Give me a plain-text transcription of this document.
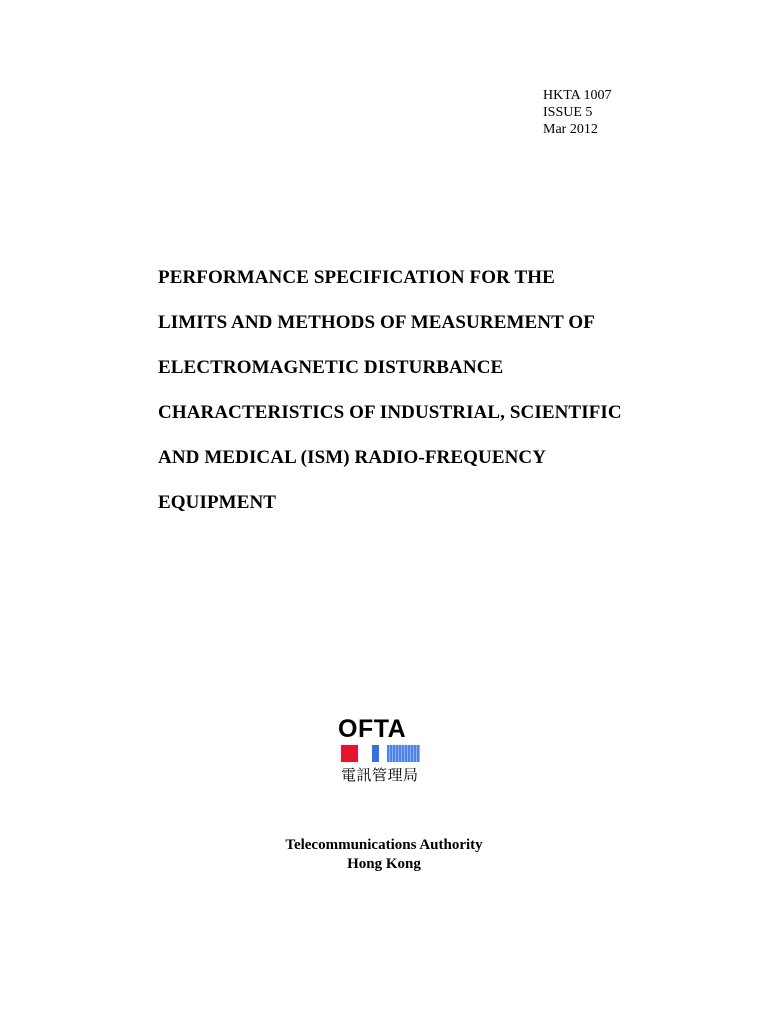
HKTA 1007
ISSUE 5
Mar 2012
PERFORMANCE SPECIFICATION FOR THE
LIMITS AND METHODS OF MEASUREMENT OF
ELECTROMAGNETIC DISTURBANCE
CHARACTERISTICS OF INDUSTRIAL, SCIENTIFIC
AND MEDICAL (ISM) RADIO-FREQUENCY
EQUIPMENT
OFTA
電訊管理局
Telecommunications Authority
Hong Kong
